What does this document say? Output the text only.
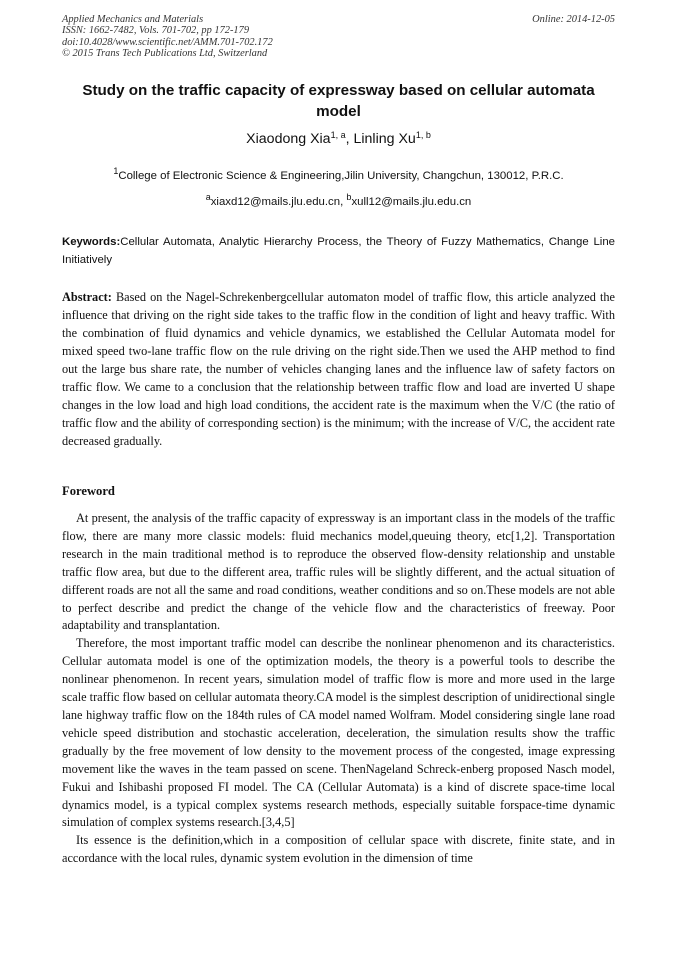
Applied Mechanics and Materials
ISSN: 1662-7482, Vols. 701-702, pp 172-179
doi:10.4028/www.scientific.net/AMM.701-702.172
© 2015 Trans Tech Publications Ltd, Switzerland
Online: 2014-12-05
Study on the traffic capacity of expressway based on cellular automata model
Xiaodong Xia$^{1, a}$, Linling Xu$^{1, b}$
$^1$College of Electronic Science & Engineering,Jilin University, Changchun, 130012, P.R.C.
$^a$xiaxd12@mails.jlu.edu.cn, $^b$xull12@mails.jlu.edu.cn
Keywords:Cellular Automata, Analytic Hierarchy Process, the Theory of Fuzzy Mathematics, Change Line Initiatively
Abstract: Based on the Nagel-Schrekenbergcellular automaton model of traffic flow, this article analyzed the influence that driving on the right side takes to the traffic flow in the condition of light and heavy traffic. With the combination of fluid dynamics and vehicle dynamics, we established the Cellular Automata model for mixed speed two-lane traffic flow on the rule driving on the right side.Then we used the AHP method to find out the large bus share rate, the number of vehicles changing lanes and the influence law of safety factors on traffic flow. We came to a conclusion that the relationship between traffic flow and load are inverted U shape changes in the low load and high load conditions, the accident rate is the maximum when the V/C (the ratio of traffic flow and the ability of corresponding section) is the minimum; with the increase of V/C, the accident rate decreased gradually.
Foreword

At present, the analysis of the traffic capacity of expressway is an important class in the models of the traffic flow, there are many more classic models: fluid mechanics model,queuing theory, etc[1,2]. Transportation research in the main traditional method is to reproduce the observed flow-density relationship and unstable traffic flow area, but due to the different area, traffic rules will be slightly different, and the actual situation of different roads are not all the same and road conditions, weather conditions and so on.These models are not able to perfect describe and predict the change of the vehicle flow and the characteristics of freeway. Poor adaptability and transplantation.

Therefore, the most important traffic model can describe the nonlinear phenomenon and its characteristics. Cellular automata model is one of the optimization models, the theory is a powerful tools to describe the nonlinear phenomenon. In recent years, simulation model of traffic flow is more and more used in the large scale traffic flow based on cellular automata theory.CA model is the simplest description of unidirectional single lane highway traffic flow on the 184th rules of CA model named Wolfram. Model considering single lane road vehicle speed distribution and stochastic acceleration, deceleration, the simulation results show the traffic gradually by the free movement of low density to the movement process of the congested, image expressing movement like the waves in the team passed on scene. ThenNageland Schreck-enberg proposed Nasch model, Fukui and Ishibashi proposed FI model. The CA (Cellular Automata) is a kind of discrete space-time local dynamics model, is a typical complex systems research methods, especially suitable forspace-time dynamic simulation of complex systems research.[3,4,5]

Its essence is the definition,which in a composition of cellular space with discrete, finite state, and in accordance with the local rules, dynamic system evolution in the dimension of time
